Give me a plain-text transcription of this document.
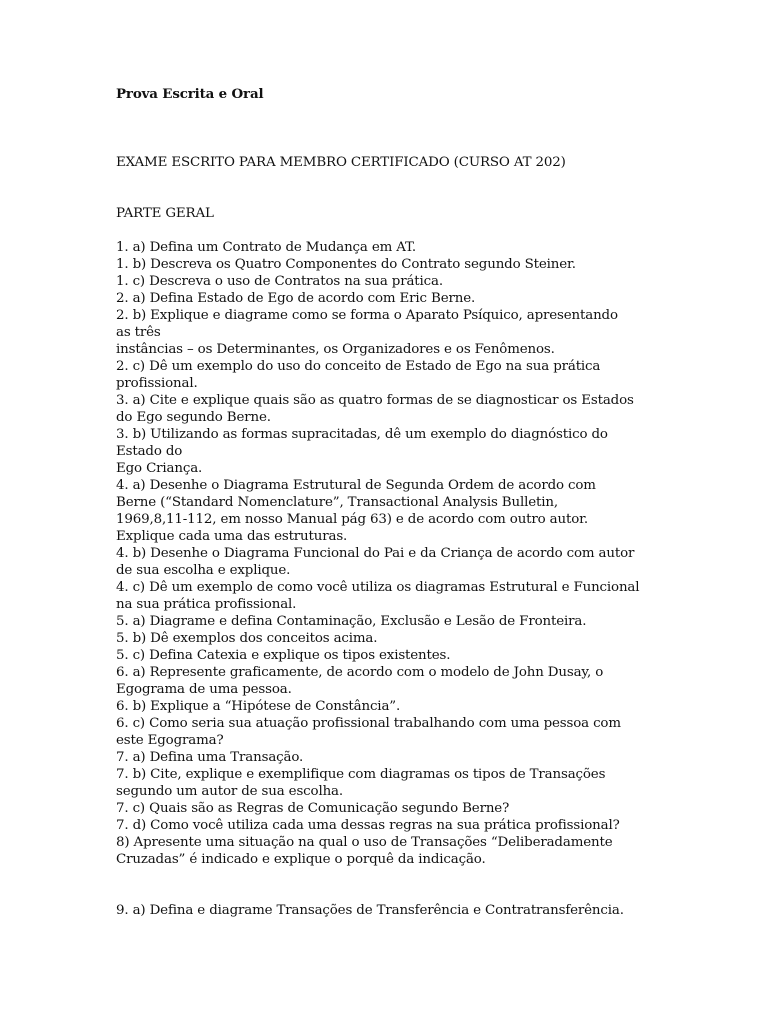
Prova Escrita e Oral

EXAME ESCRITO PARA MEMBRO CERTIFICADO (CURSO AT 202)

PARTE GERAL

1. a) Defina um Contrato de Mudança em AT.
1. b) Descreva os Quatro Componentes do Contrato segundo Steiner.
1. c) Descreva o uso de Contratos na sua prática.
2. a) Defina Estado de Ego de acordo com Eric Berne.
2. b) Explique e diagrame como se forma o Aparato Psíquico, apresentando as três
instâncias – os Determinantes, os Organizadores e os Fenômenos.
2. c) Dê um exemplo do uso do conceito de Estado de Ego na sua prática profissional.
3. a) Cite e explique quais são as quatro formas de se diagnosticar os Estados do Ego segundo Berne.
3. b) Utilizando as formas supracitadas, dê um exemplo do diagnóstico do Estado do
Ego Criança.
4. a) Desenhe o Diagrama Estrutural de Segunda Ordem de acordo com Berne (“Standard Nomenclature”, Transactional Analysis Bulletin, 1969,8,11-112, em nosso Manual pág 63) e de acordo com outro autor. Explique cada uma das estruturas.
4. b) Desenhe o Diagrama Funcional do Pai e da Criança de acordo com autor de sua escolha e explique.
4. c) Dê um exemplo de como você utiliza os diagramas Estrutural e Funcional na sua prática profissional.
5. a) Diagrame e defina Contaminação, Exclusão e Lesão de Fronteira.
5. b) Dê exemplos dos conceitos acima.
5. c) Defina Catexia e explique os tipos existentes.
6. a) Represente graficamente, de acordo com o modelo de John Dusay, o Egograma de uma pessoa.
6. b) Explique a “Hipótese de Constância”.
6. c) Como seria sua atuação profissional trabalhando com uma pessoa com este Egograma?
7. a) Defina uma Transação.
7. b) Cite, explique e exemplifique com diagramas os tipos de Transações segundo um autor de sua escolha.
7. c) Quais são as Regras de Comunicação segundo Berne?
7. d) Como você utiliza cada uma dessas regras na sua prática profissional?
8) Apresente uma situação na qual o uso de Transações “Deliberadamente Cruzadas” é indicado e explique o porquê da indicação.

9. a) Defina e diagrame Transações de Transferência e Contratransferência.
